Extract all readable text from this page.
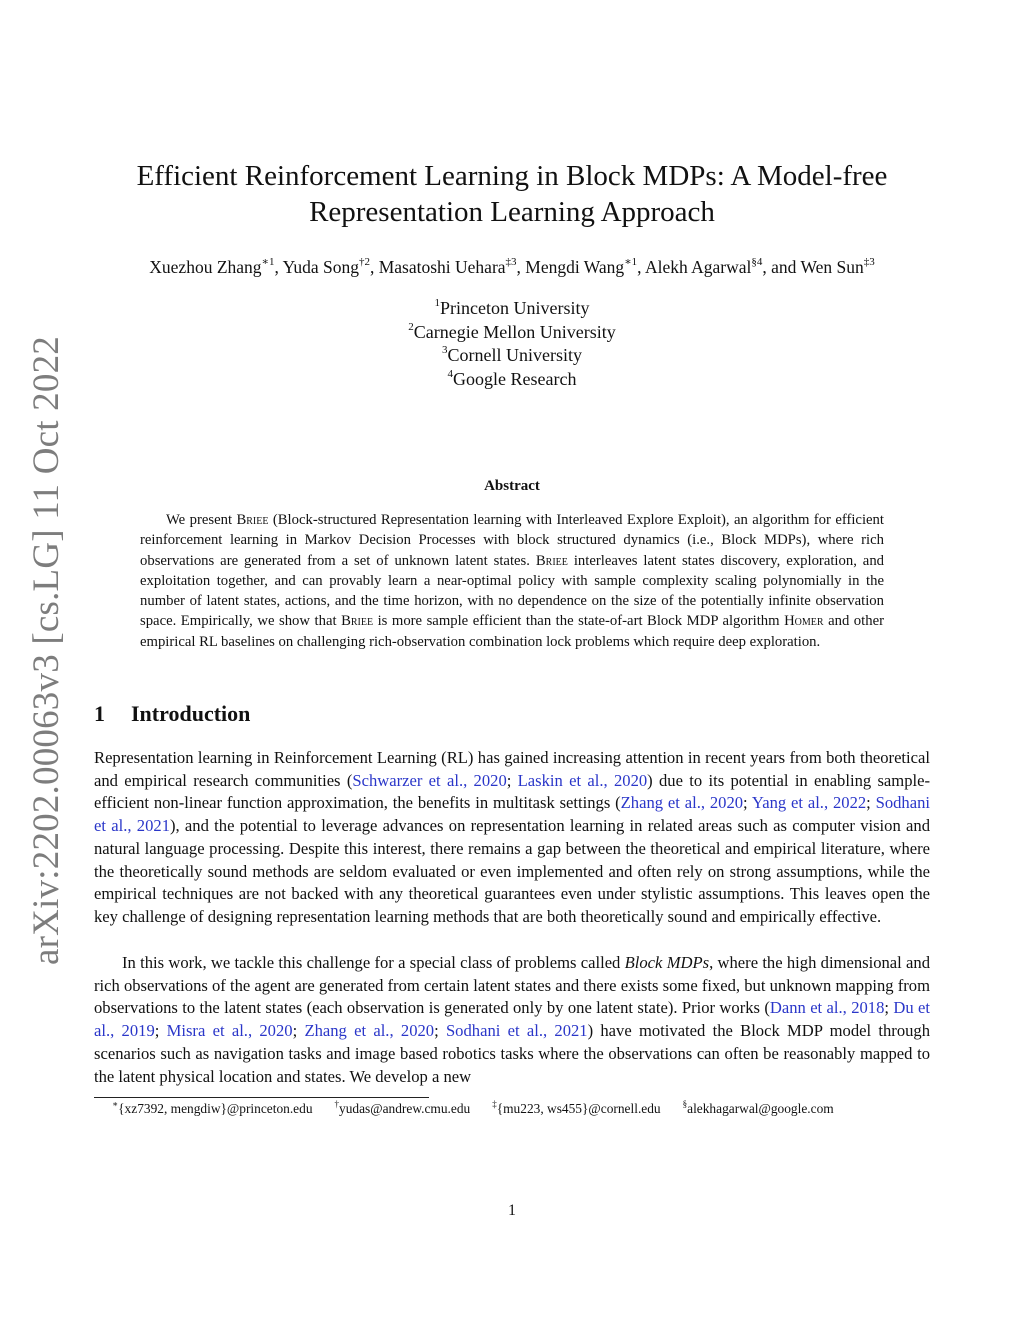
arXiv:2202.00063v3 [cs.LG] 11 Oct 2022
Efficient Reinforcement Learning in Block MDPs: A Model-free
Representation Learning Approach
Xuezhou Zhang$^{∗1}$, Yuda Song$^{\dagger 2}$, Masatoshi Uehara$^{\ddagger 3}$, Mengdi Wang$^{∗1}$, Alekh Agarwal$^{\S 4}$, and Wen Sun$^{\ddagger 3}$
$^1$Princeton University
$^2$Carnegie Mellon University
$^3$Cornell University
$^4$Google Research
Abstract

We present Briee (Block-structured Representation learning with Interleaved Explore Exploit), an algorithm for efficient reinforcement learning in Markov Decision Processes with block structured dynamics (i.e., Block MDPs), where rich observations are generated from a set of unknown latent states. Briee interleaves latent states discovery, exploration, and exploitation together, and can provably learn a near-optimal policy with sample complexity scaling polynomially in the number of latent states, actions, and the time horizon, with no dependence on the size of the potentially infinite observation space. Empirically, we show that Briee is more sample efficient than the state-of-art Block MDP algorithm Homer and other empirical RL baselines on challenging rich-observation combination lock problems which require deep exploration.

1 Introduction

Representation learning in Reinforcement Learning (RL) has gained increasing attention in recent years from both theoretical and empirical research communities (Schwarzer et al., 2020; Laskin et al., 2020) due to its potential in enabling sample-efficient non-linear function approximation, the benefits in multitask settings (Zhang et al., 2020; Yang et al., 2022; Sodhani et al., 2021), and the potential to leverage advances on representation learning in related areas such as computer vision and natural language processing. Despite this interest, there remains a gap between the theoretical and empirical literature, where the theoretically sound methods are seldom evaluated or even implemented and often rely on strong assumptions, while the empirical techniques are not backed with any theoretical guarantees even under stylistic assumptions. This leaves open the key challenge of designing representation learning methods that are both theoretically sound and empirically effective.

In this work, we tackle this challenge for a special class of problems called Block MDPs, where the high dimensional and rich observations of the agent are generated from certain latent states and there exists some fixed, but unknown mapping from observations to the latent states (each observation is generated only by one latent state). Prior works (Dann et al., 2018; Du et al., 2019; Misra et al., 2020; Zhang et al., 2020; Sodhani et al., 2021) have motivated the Block MDP model through scenarios such as navigation tasks and image based robotics tasks where the observations can often be reasonably mapped to the latent physical location and states. We develop a new

∗{xz7392, mengdiw}@princeton.edu †yudas@andrew.cmu.edu ‡{mu223, ws455}@cornell.edu §alekhagarwal@google.com
1
